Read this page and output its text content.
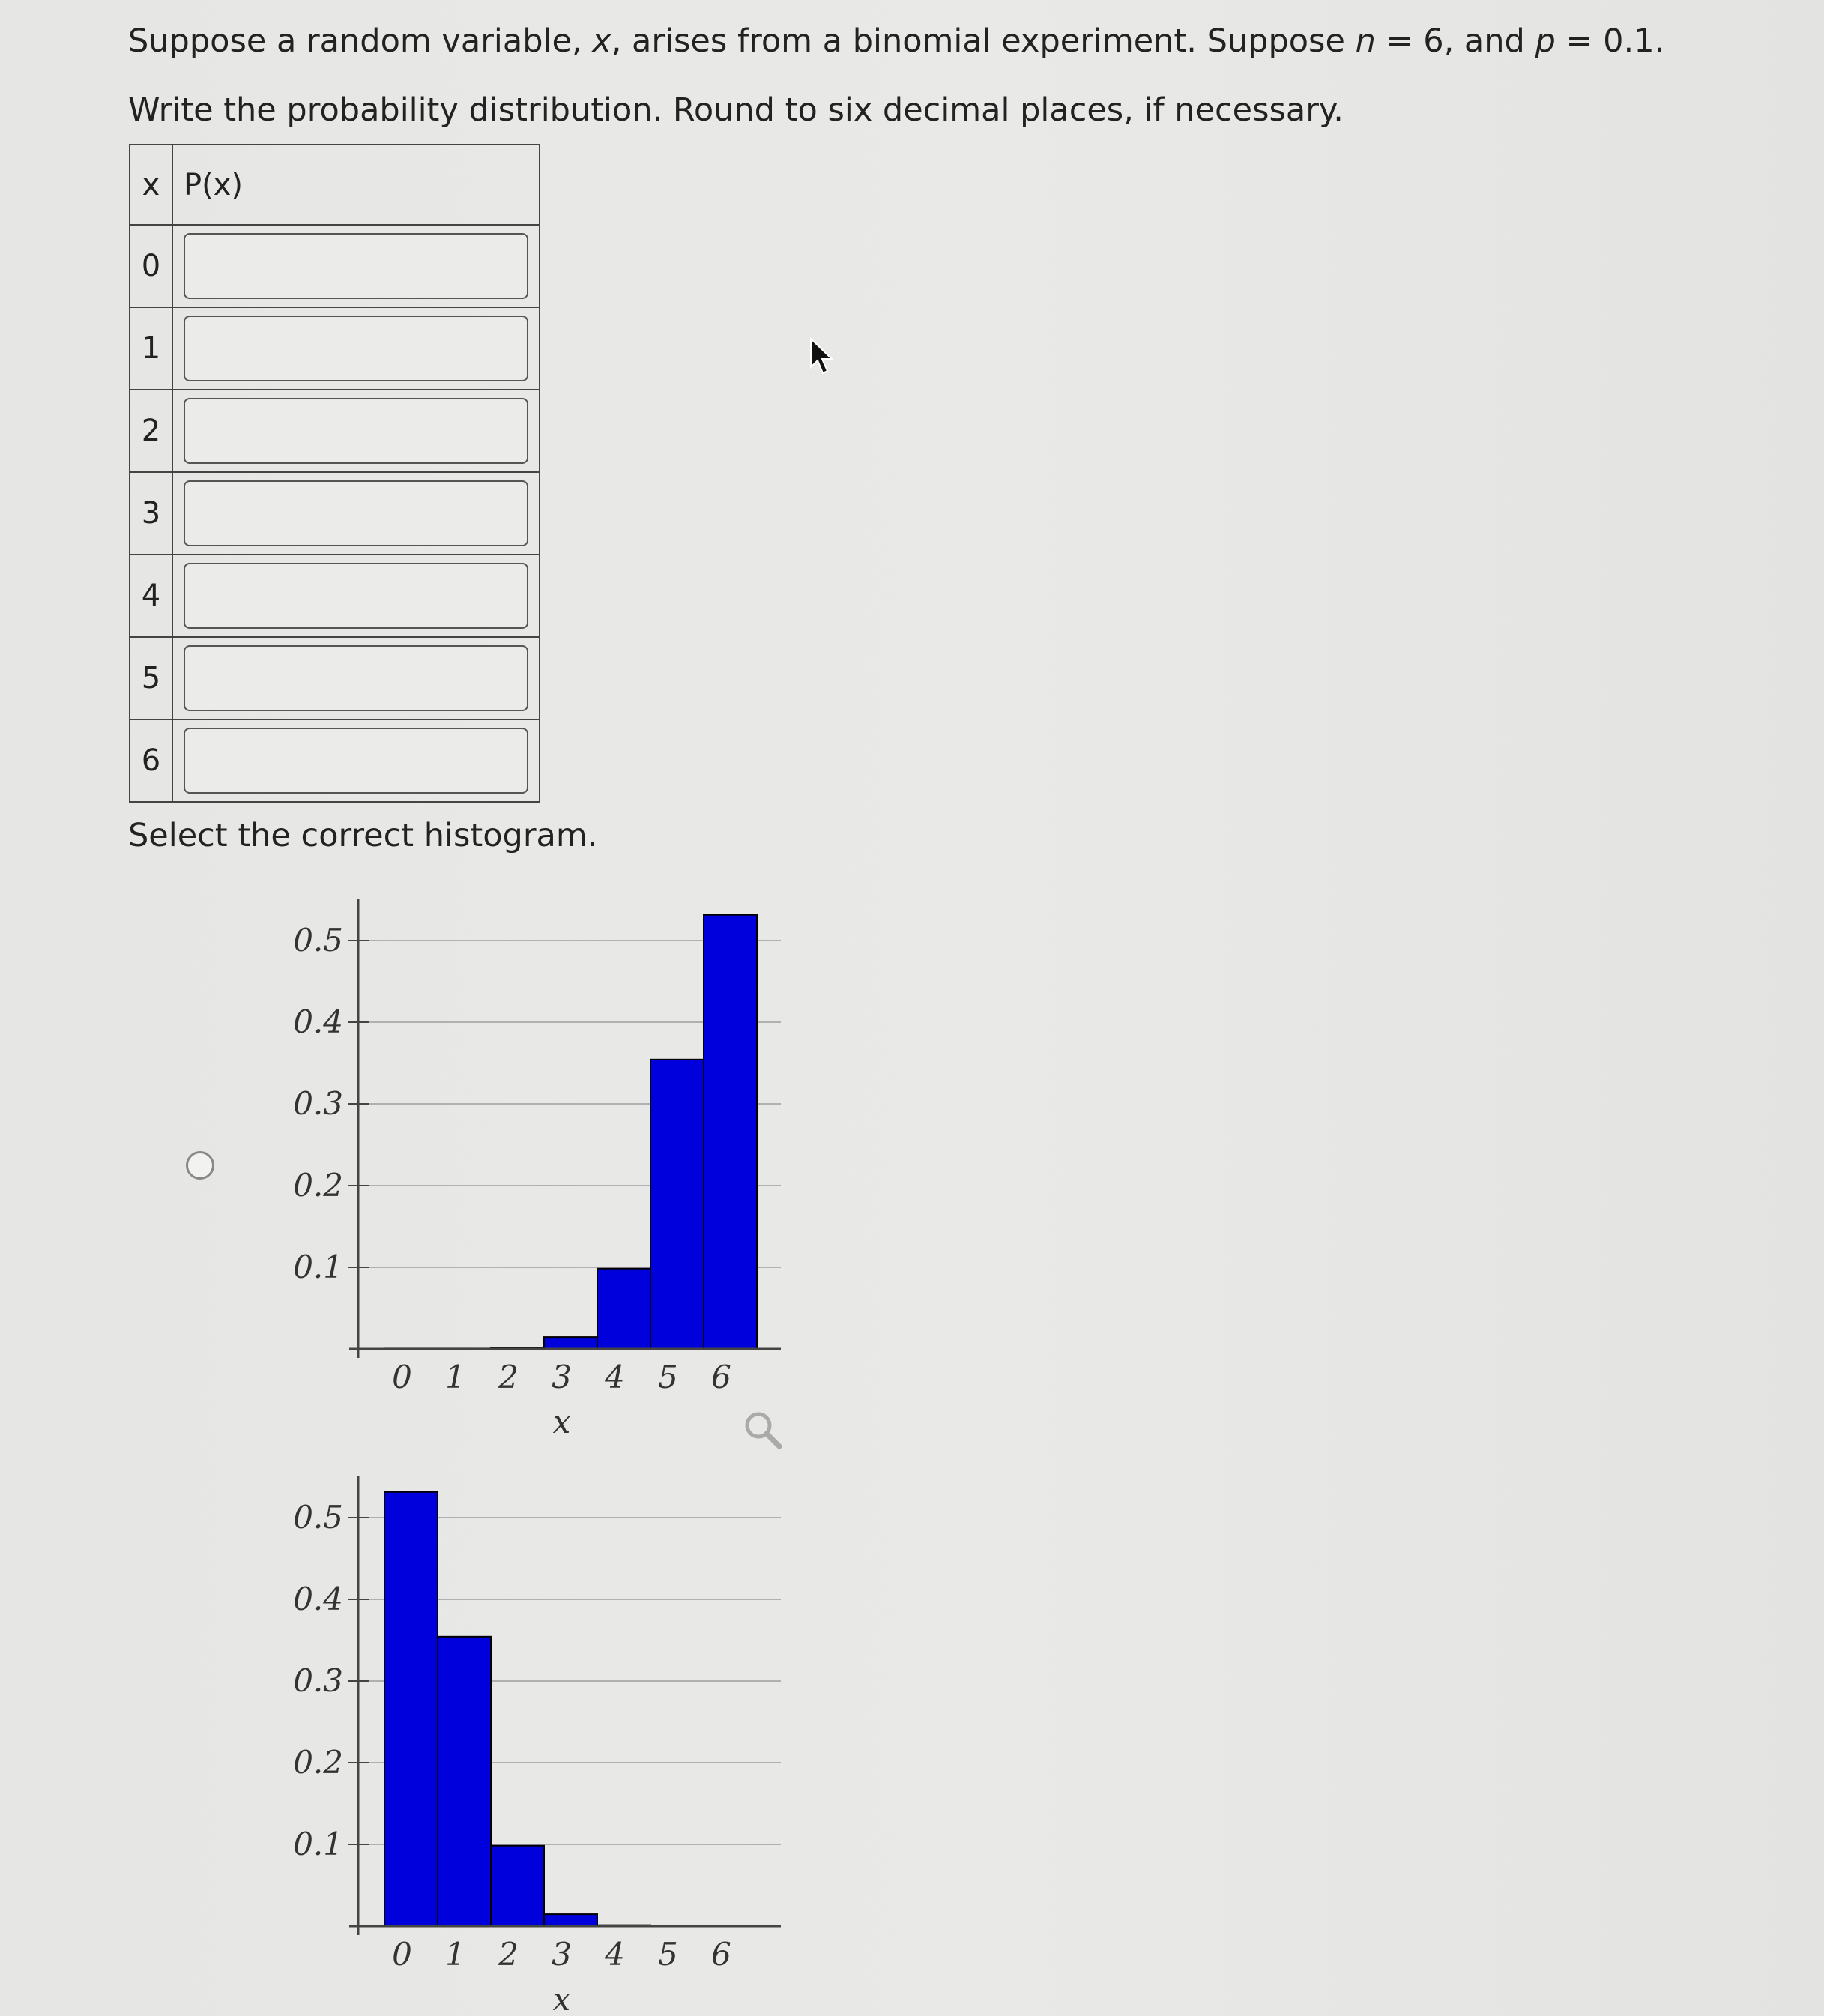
Suppose a random variable, x, arises from a binomial experiment. Suppose n = 6, and p = 0.1.
Write the probability distribution. Round to six decimal places, if necessary.
x	P(x)
0	
1	
2	
3	
4	
5	
6	
Select the correct histogram.
0.1
0.2
0.3
0.4
0.5
0 1 2 3 4 5 6
x
0.1
0.2
0.3
0.4
0.5
0 1 2 3 4 5 6
x
